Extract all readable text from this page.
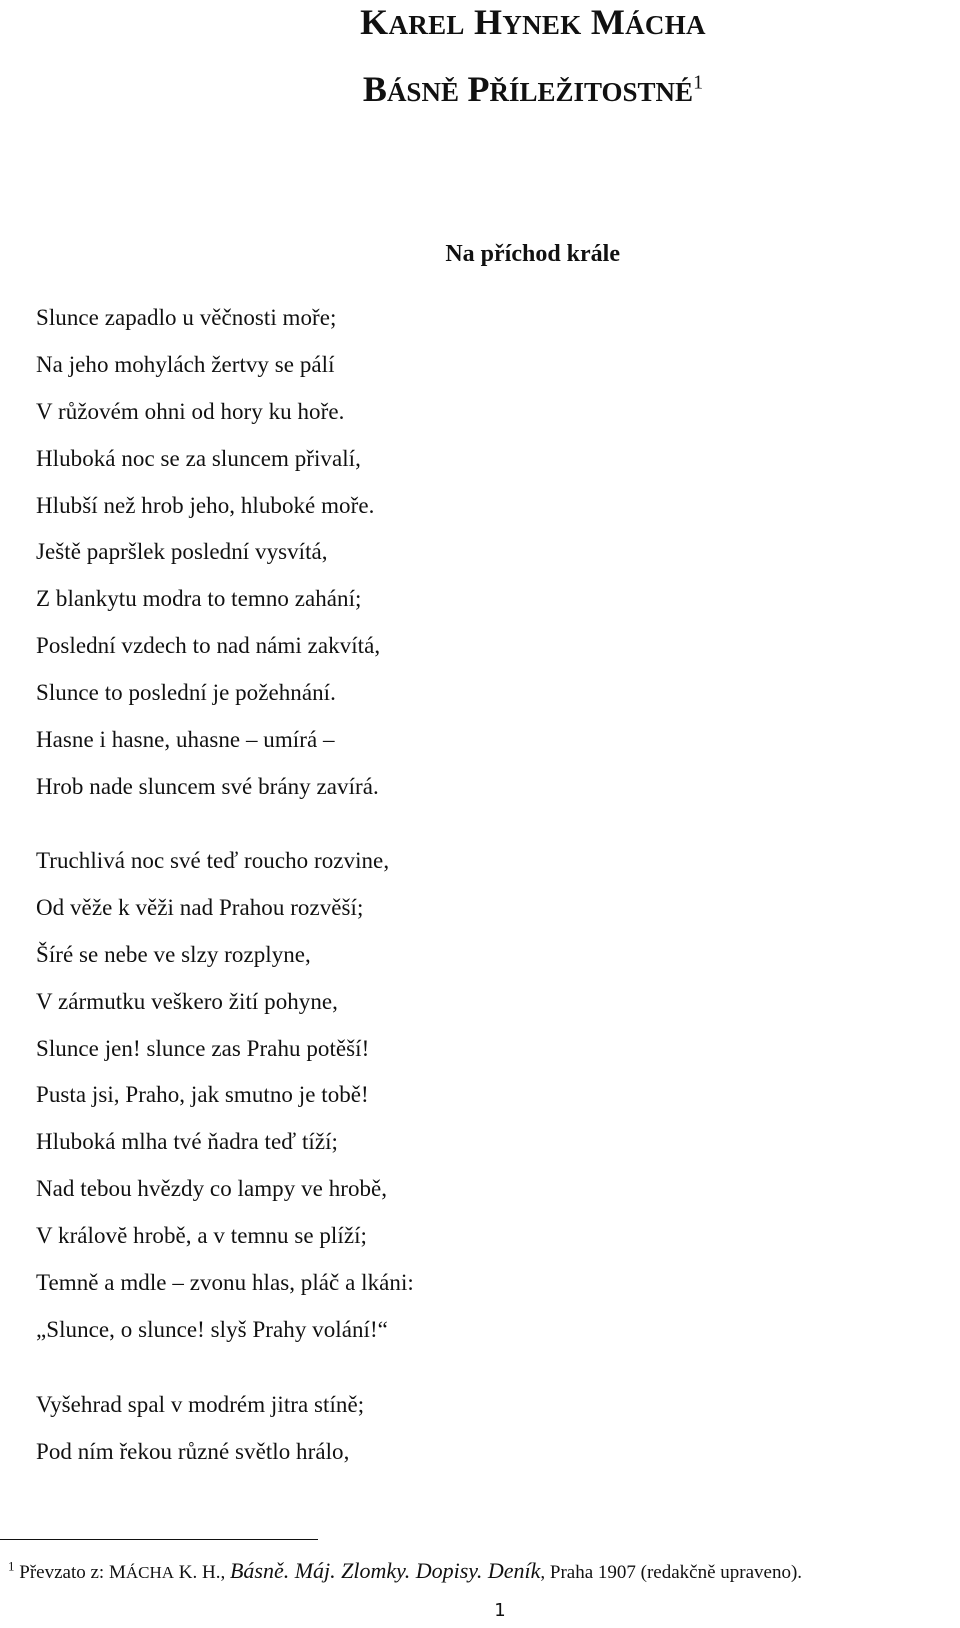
KAREL HYNEK MÁCHA
BÁSNĚ PŘÍLEŽITOSTNÉ$^1$
Na příchod krále
Slunce zapadlo u věčnosti moře;
Na jeho mohylách žertvy se pálí
V růžovém ohni od hory ku hoře.
Hluboká noc se za sluncem přivalí,
Hlubší než hrob jeho, hluboké moře.
Ještě papršlek poslední vysvítá,
Z blankytu modra to temno zahání;
Poslední vzdech to nad námi zakvítá,
Slunce to poslední je požehnání.
Hasne i hasne, uhasne – umírá –
Hrob nade sluncem své brány zavírá.
Truchlivá noc své teď roucho rozvine,
Od věže k věži nad Prahou rozvěší;
Šíré se nebe ve slzy rozplyne,
V zármutku veškero žití pohyne,
Slunce jen! slunce zas Prahu potěší!
Pusta jsi, Praho, jak smutno je tobě!
Hluboká mlha tvé ňadra teď tíží;
Nad tebou hvězdy co lampy ve hrobě,
V královĕ hrobě, a v temnu se plíží;
Temně a mdle – zvonu hlas, pláč a lkáni:
„Slunce, o slunce! slyš Prahy volání!“
Vyšehrad spal v modrém jitra stíně;
Pod ním řekou různé světlo hrálo,
$^1$ Převzato z: MÁCHA K. H., Básně. Máj. Zlomky. Dopisy. Deník, Praha 1907 (redakčně upraveno).
1
